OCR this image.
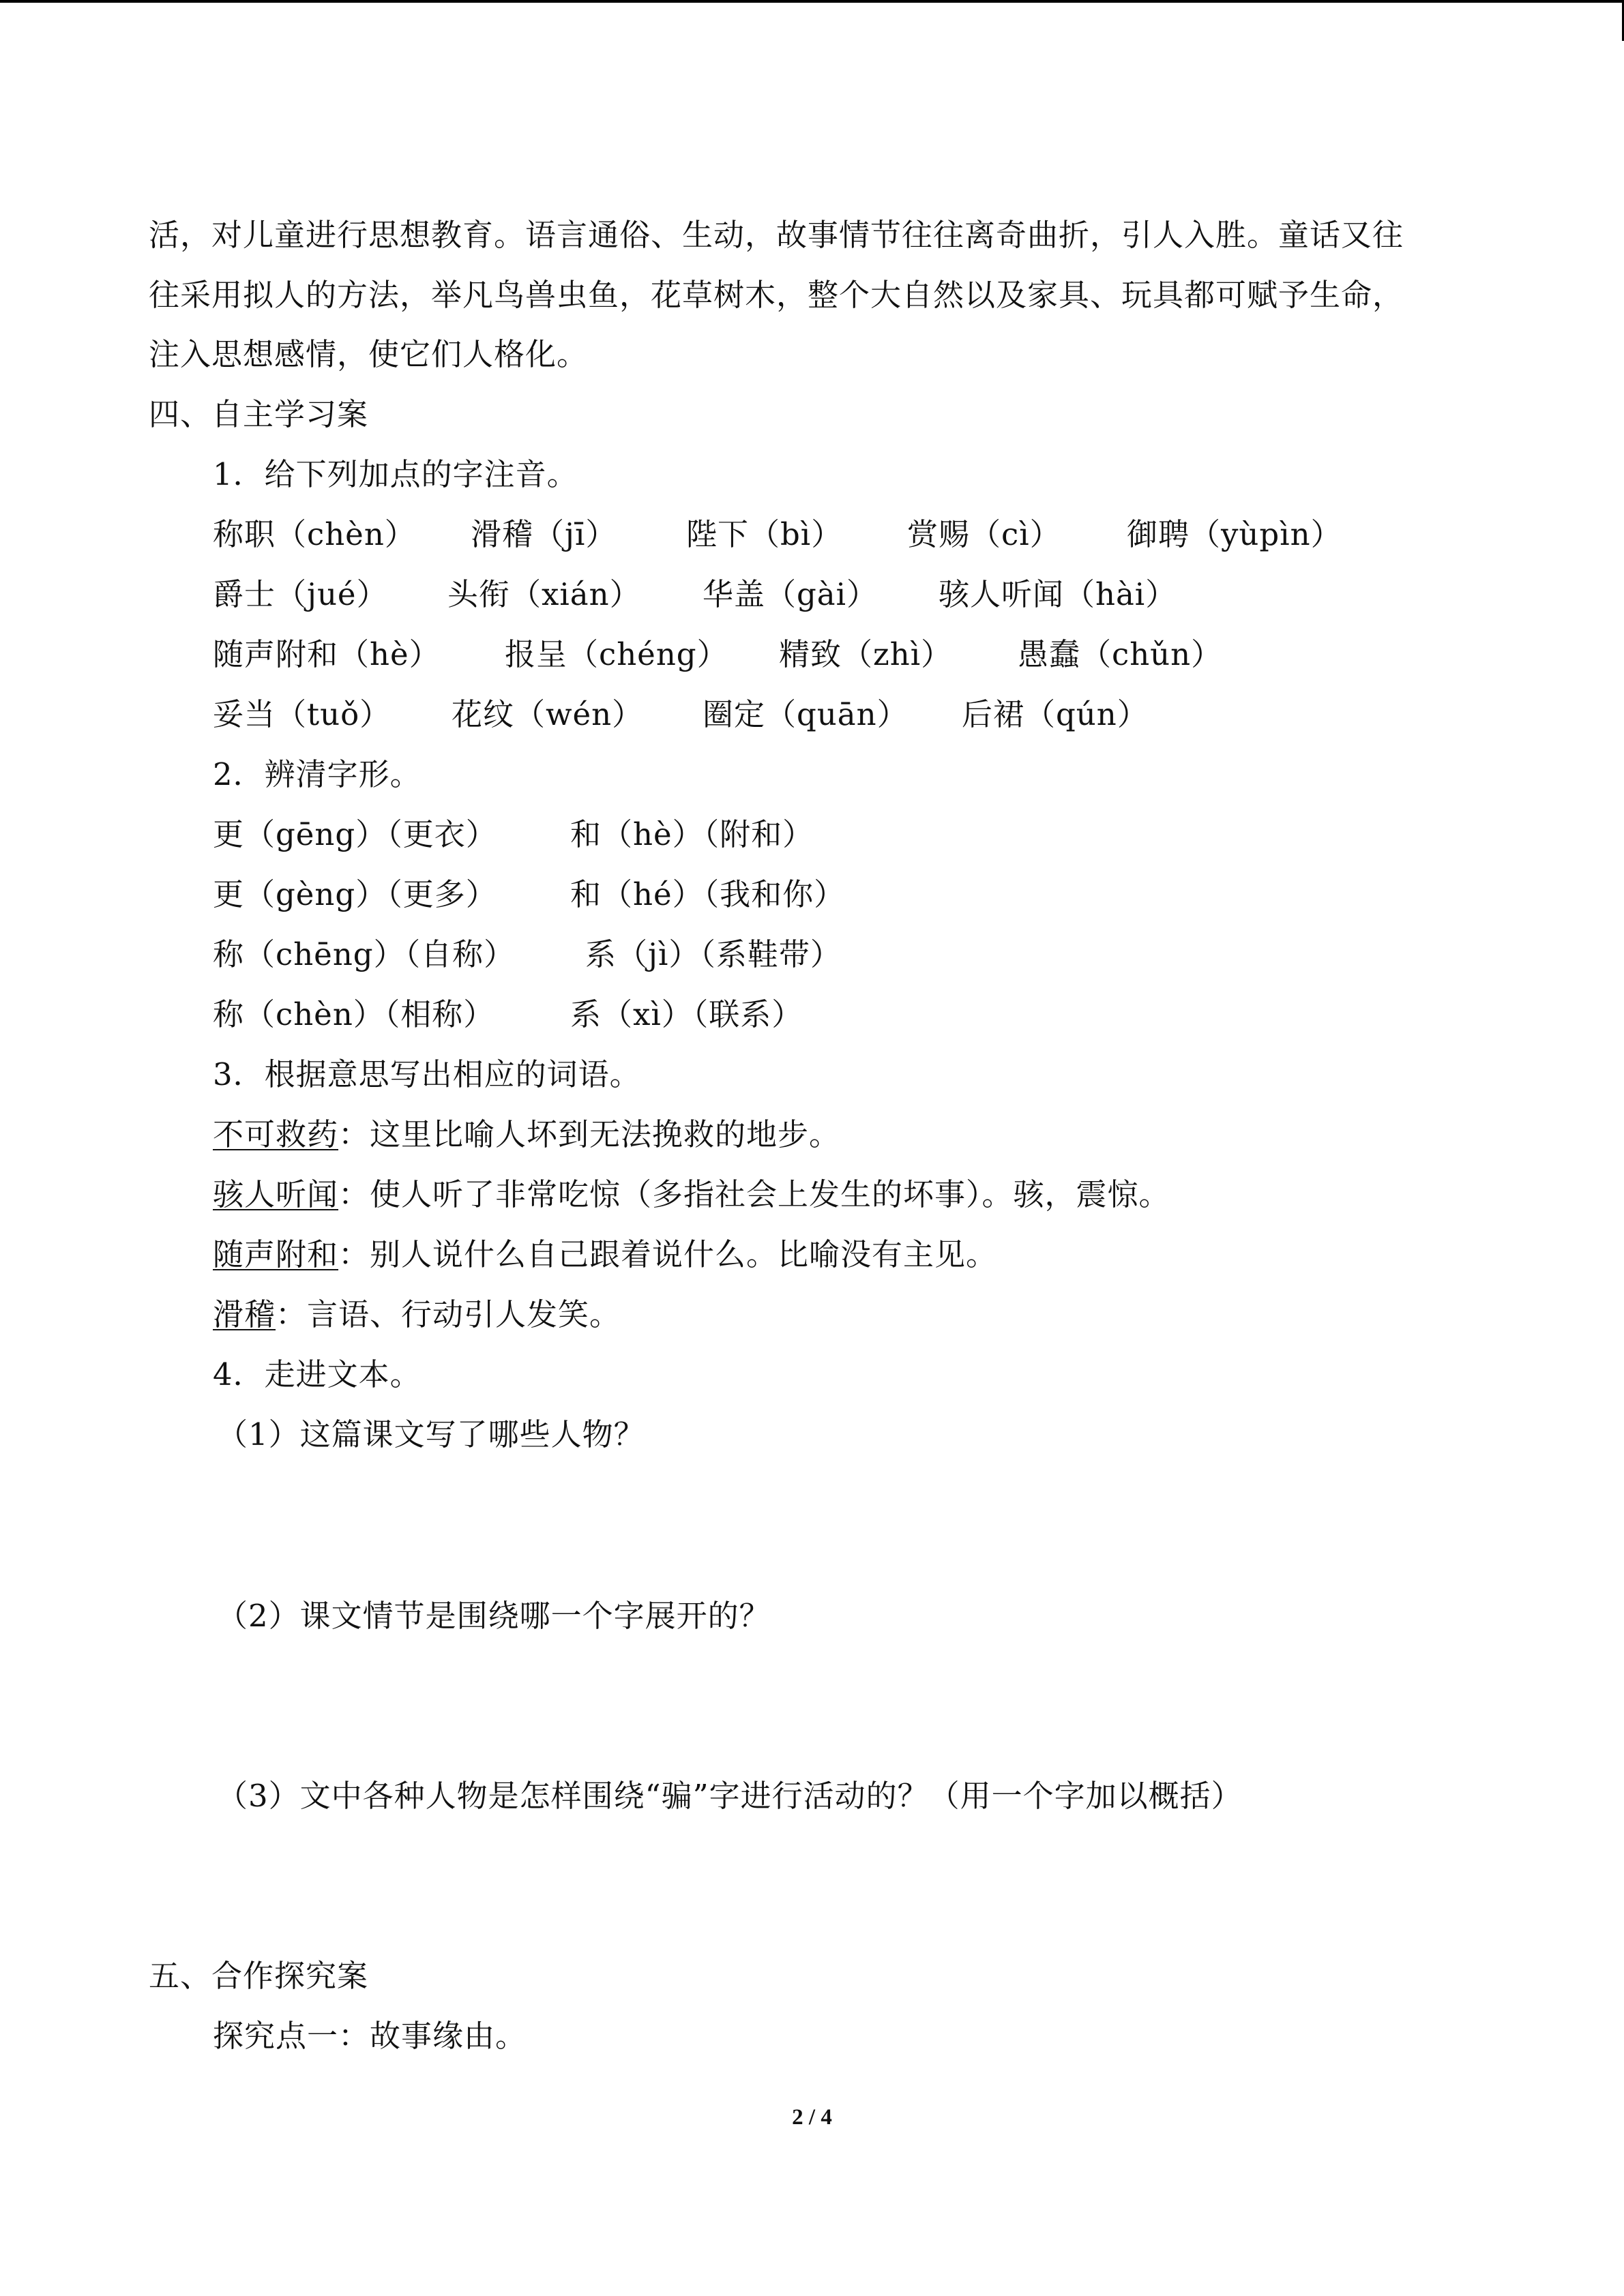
活，对儿童进行思想教育。语言通俗、生动，故事情节往往离奇曲折，引人入胜。童话又往
往采用拟人的方法，举凡鸟兽虫鱼，花草树木，整个大自然以及家具、玩具都可赋予生命，
注入思想感情，使它们人格化。
四、自主学习案
1．给下列加点的字注音。
称职（chèn） 滑稽（jī） 陛下（bì） 赏赐（cì） 御聘（yùpìn）
爵士（jué） 头衔（xián） 华盖（gài） 骇人听闻（hài）
随声附和（hè） 报呈（chéng） 精致（zhì） 愚蠢（chǔn）
妥当（tuǒ） 花纹（wén） 圈定（quān） 后裙（qún）
2．辨清字形。
更（gēng）（更衣） 和（hè）（附和）
更（gèng）（更多） 和（hé）（我和你）
称（chēng）（自称） 系（jì）（系鞋带）
称（chèn）（相称） 系（xì）（联系）
3．根据意思写出相应的词语。
不可救药：这里比喻人坏到无法挽救的地步。
骇人听闻：使人听了非常吃惊（多指社会上发生的坏事）。骇，震惊。
随声附和：别人说什么自己跟着说什么。比喻没有主见。
滑稽：言语、行动引人发笑。
4．走进文本。
（1）这篇课文写了哪些人物？
（2）课文情节是围绕哪一个字展开的？
（3）文中各种人物是怎样围绕“骗”字进行活动的？（用一个字加以概括）
五、合作探究案
探究点一：故事缘由。
2 / 4
